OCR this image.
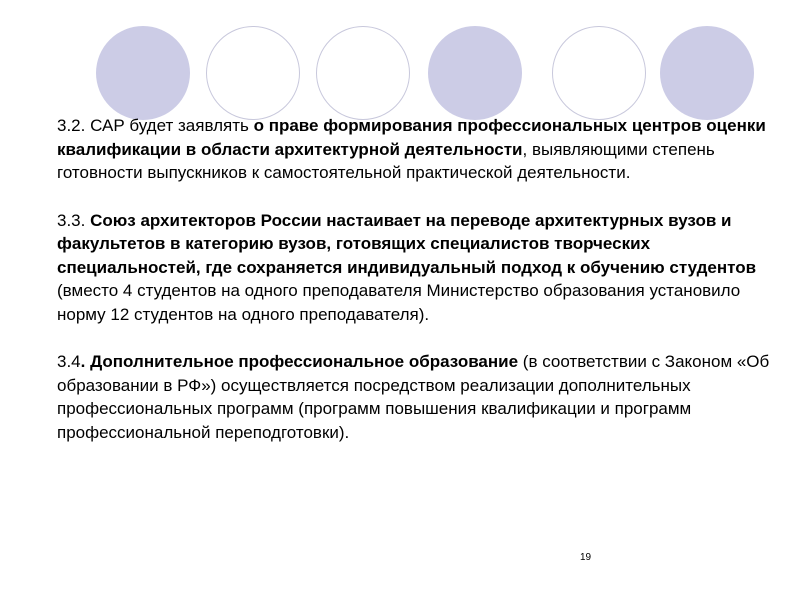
3.2. САР будет заявлять о праве формирования профессиональных центров оценки квалификации в области архитектурной деятельности, выявляющими степень готовности выпускников к самостоятельной практической деятельности.

3.3. Союз архитекторов России настаивает на переводе архитектурных вузов и факультетов в категорию вузов, готовящих специалистов творческих специальностей, где сохраняется индивидуальный подход к обучению студентов (вместо 4 студентов на одного преподавателя Министерство образования установило норму 12 студентов на одного преподавателя).

3.4. Дополнительное профессиональное образование (в соответствии с Законом «Об образовании в РФ») осуществляется посредством реализации дополнительных профессиональных программ (программ повышения квалификации и программ профессиональной переподготовки).

19
